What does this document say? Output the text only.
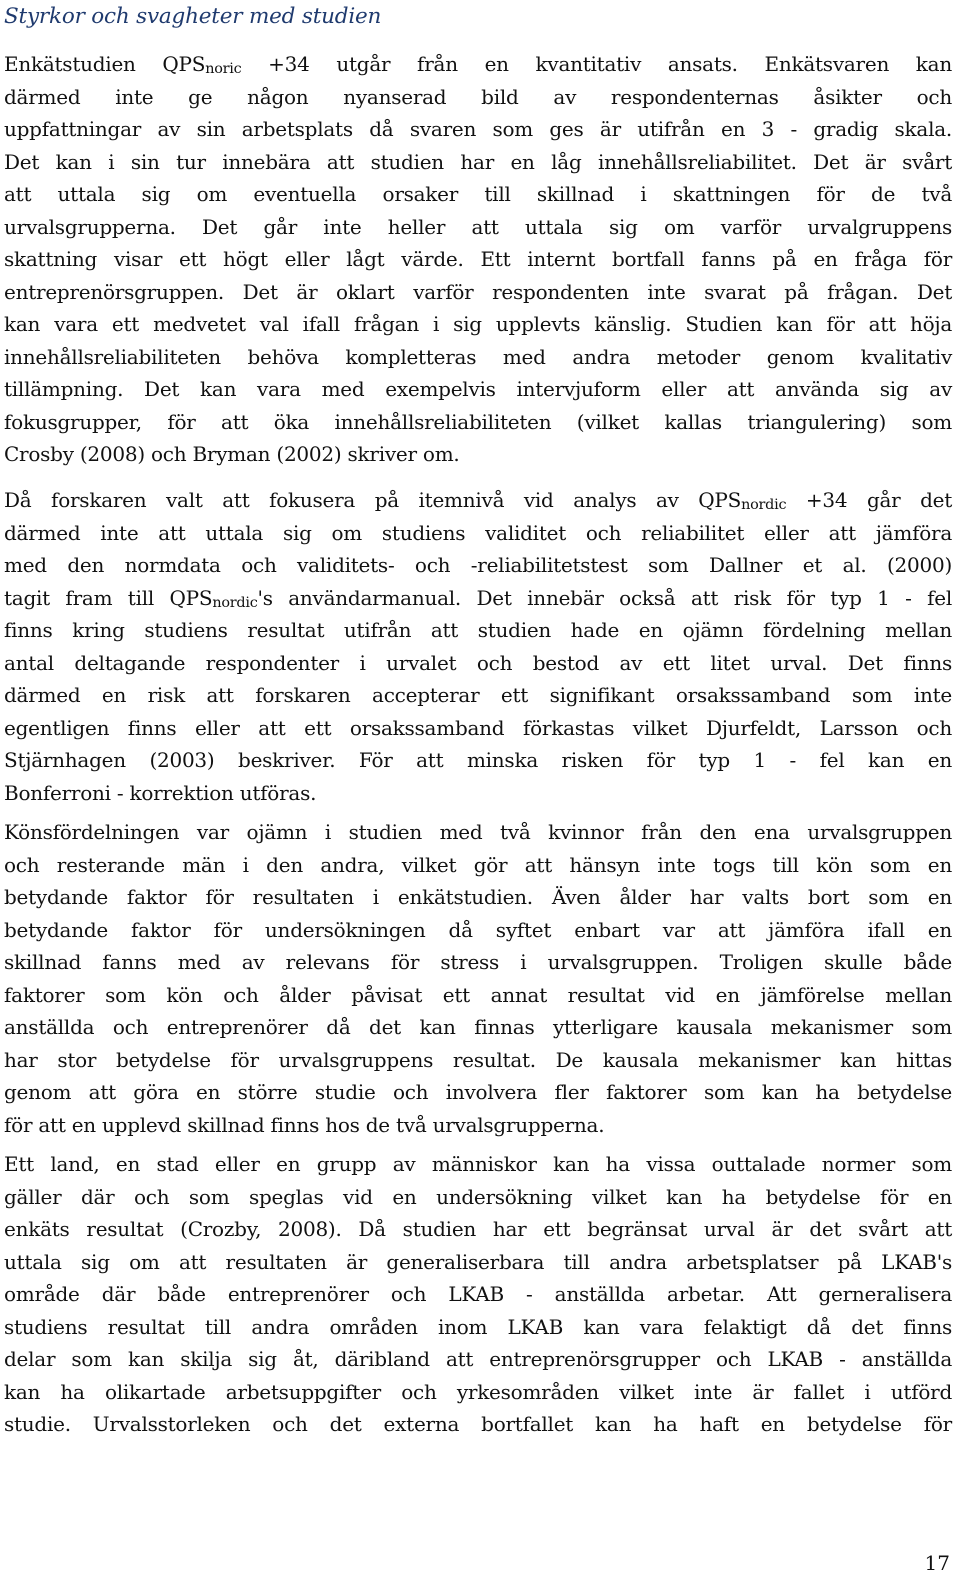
Styrkor och svagheter med studien
Enkätstudien $QPS_{noric} +34$ utgår från en kvantitativ ansats. Enkätsvaren kan
därmed inte ge någon nyanserad bild av respondenternas åsikter och
uppfattningar av sin arbetsplats då svaren som ges är utifrån en 3 - gradig skala.
Det kan i sin tur innebära att studien har en låg innehållsreliabilitet. Det är svårt
att uttala sig om eventuella orsaker till skillnad i skattningen för de två
urvalsgrupperna. Det går inte heller att uttala sig om varför urvalgruppens
skattning visar ett högt eller lågt värde. Ett internt bortfall fanns på en fråga för
entreprenörsgruppen. Det är oklart varför respondenten inte svarat på frågan. Det
kan vara ett medvetet val ifall frågan i sig upplevts känslig. Studien kan för att höja
innehållsreliabiliteten behöva kompletteras med andra metoder genom kvalitativ
tillämpning. Det kan vara med exempelvis intervjuform eller att använda sig av
fokusgrupper, för att öka innehållsreliabiliteten (vilket kallas triangulering) som
Crosby (2008) och Bryman (2002) skriver om.
Då forskaren valt att fokusera på itemnivå vid analys av $QPS_{nordic} +34$ går det
därmed inte att uttala sig om studiens validitet och reliabilitet eller att jämföra
med den normdata och validitets- och -reliabilitetstest som Dallner et al. (2000)
tagit fram till $QPS_{nordic}'s$ användarmanual. Det innebär också att risk för typ 1 - fel
finns kring studiens resultat utifrån att studien hade en ojämn fördelning mellan
antal deltagande respondenter i urvalet och bestod av ett litet urval. Det finns
därmed en risk att forskaren accepterar ett signifikant orsakssamband som inte
egentligen finns eller att ett orsakssamband förkastas vilket Djurfeldt, Larsson och
Stjärnhagen (2003) beskriver. För att minska risken för typ 1 - fel kan en
Bonferroni - korrektion utföras.
Könsfördelningen var ojämn i studien med två kvinnor från den ena urvalsgruppen
och resterande män i den andra, vilket gör att hänsyn inte togs till kön som en
betydande faktor för resultaten i enkätstudien. Även ålder har valts bort som en
betydande faktor för undersökningen då syftet enbart var att jämföra ifall en
skillnad fanns med av relevans för stress i urvalsgruppen. Troligen skulle både
faktorer som kön och ålder påvisat ett annat resultat vid en jämförelse mellan
anställda och entreprenörer då det kan finnas ytterligare kausala mekanismer som
har stor betydelse för urvalsgruppens resultat. De kausala mekanismer kan hittas
genom att göra en större studie och involvera fler faktorer som kan ha betydelse
för att en upplevd skillnad finns hos de två urvalsgrupperna.
Ett land, en stad eller en grupp av människor kan ha vissa outtalade normer som
gäller där och som speglas vid en undersökning vilket kan ha betydelse för en
enkäts resultat (Crozby, 2008). Då studien har ett begränsat urval är det svårt att
uttala sig om att resultaten är generaliserbara till andra arbetsplatser på LKAB's
område där både entreprenörer och LKAB - anställda arbetar. Att gerneralisera
studiens resultat till andra områden inom LKAB kan vara felaktigt då det finns
delar som kan skilja sig åt, däribland att entreprenörsgrupper och LKAB - anställda
kan ha olikartade arbetsuppgifter och yrkesområden vilket inte är fallet i utförd
studie. Urvalsstorleken och det externa bortfallet kan ha haft en betydelse för
17
